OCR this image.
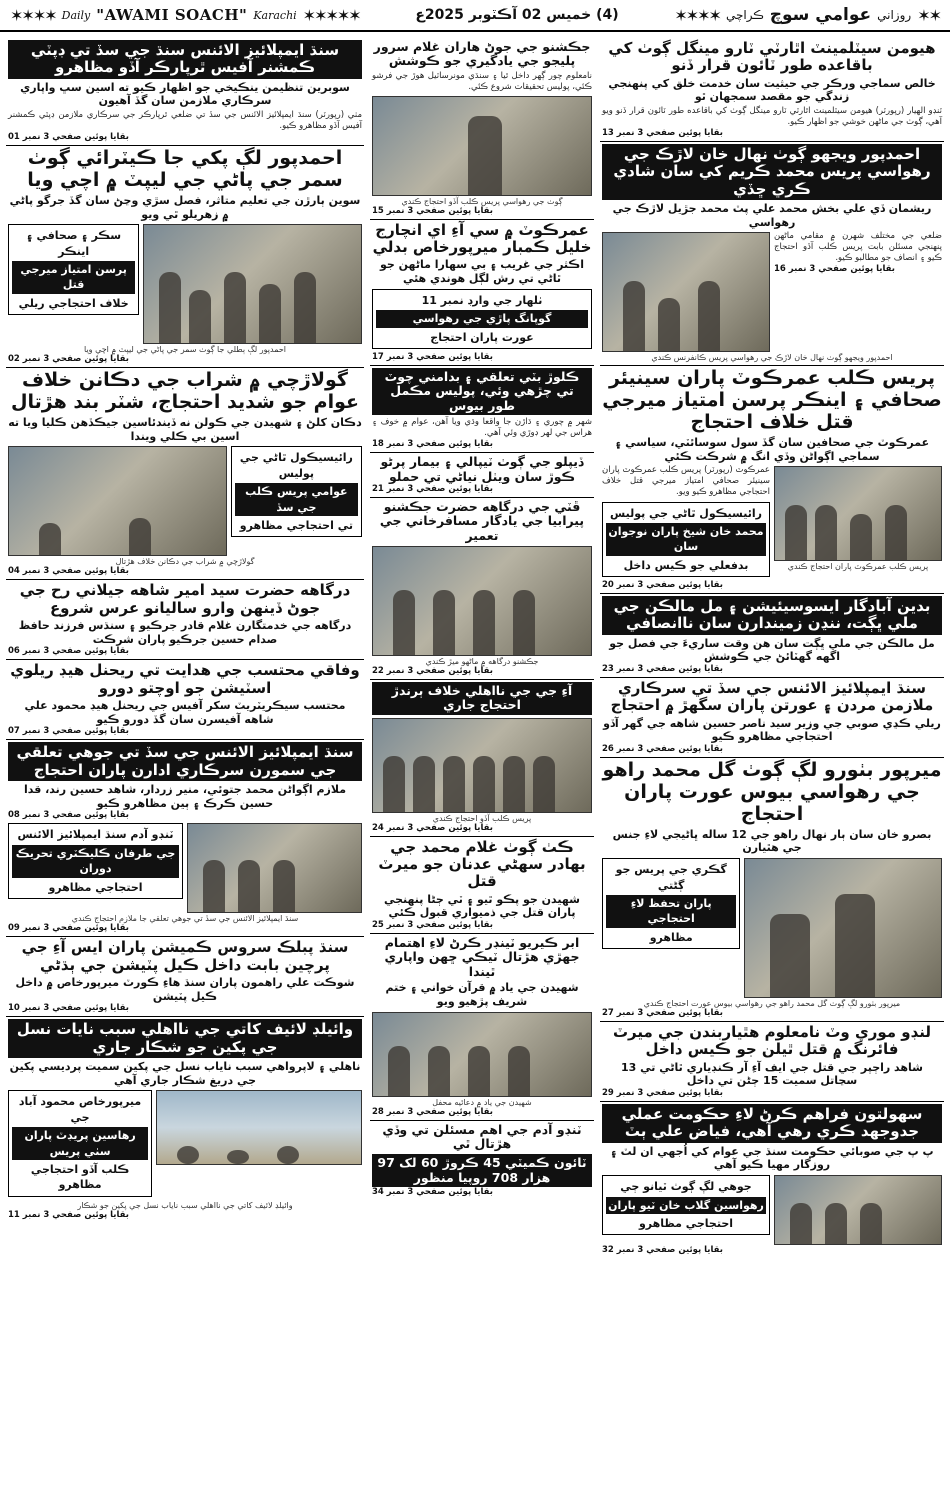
✶✶✶✶ Daily "AWAMI SOACH" Karachi ✶✶✶✶✶	(4) خميس 02 آڪٽوبر 2025ع	✶✶
روزاني
عوامي سوچ
ڪراچي
✶✶✶✶
هيومن سيٽلمينٽ اٿارٽي ٽارو مينگل ڳوٺ کي باقاعده طور ٽائون قرار ڏنو
خالص سماجي ورڪر جي حيثيت سان خدمت خلق کي پنهنجي زندگي جو مقصد سمجهان ٿو
ٽنڊو الهيار (رپورٽر) هيومن سيٽلمينٽ اٿارٽي ٽارو مينگل ڳوٺ کي باقاعده طور ٽائون قرار ڏنو ويو آهي، ڳوٺ جي ماڻهن خوشي جو اظهار ڪيو.
بقايا پوئين صفحي 3 نمبر 13
احمدپور ويجهو ڳوٺ نهال خان لاڙڪ جي رهواسي پريس محمد ڪريم کي سان شادي ڪري ڇڏي
ريشمان ڏي علي بخش محمد علي پٽ محمد جڙيل لاڙڪ جي رهواسي
ضلعي جي مختلف شهرن ۾ مقامي ماڻهن پنهنجي مسئلن بابت پريس ڪلب آڏو احتجاج ڪيو ۽ انصاف جو مطالبو ڪيو.
بقايا پوئين صفحي 3 نمبر 16
احمدپور ويجهو ڳوٺ نهال خان لاڙڪ جي رهواسي پريس ڪانفرنس ڪندي
پريس ڪلب عمرڪوٽ پاران سينيئر صحافي ۽ اينڪر پرسن امتياز ميرجي قتل خلاف احتجاج
عمرڪوٽ جي صحافين سان گڏ سول سوسائٽي، سياسي ۽ سماجي اڳواڻن وڏي انگ ۾ شرڪت ڪئي
پريس ڪلب عمرڪوٽ پاران احتجاج ڪندي
عمرڪوٽ (رپورٽر) پريس ڪلب عمرڪوٽ پاران سينيئر صحافي امتياز ميرجي قتل خلاف احتجاجي مظاهرو ڪيو ويو.
رائيسيڪول ٿاڻي جي پوليس
محمد خان شيخ پاران نوجوان سان
بدفعلي جو ڪيس داخل
بقايا پوئين صفحي 3 نمبر 20
بدين آبادگار ايسوسيئيشن ۽ مل مالڪن جي ملي ڀڳت، ننڍن زميندارن سان ناانصافي
مل مالڪن جي ملي ڀڳت سان هن وقت ساريءَ جي فصل جو اگهه گهٽائڻ جي ڪوشش
بقايا پوئين صفحي 3 نمبر 23
سنڌ ايمپلائيز الائنس جي سڏ تي سرڪاري ملازمن مردن ۽ عورتن پاران سگهڙ ۾ احتجاج
ريلي ڪڍي صوبي جي وزير سيد ناصر حسين شاهه جي گهر آڏو احتجاجي مظاهرو ڪيو
بقايا پوئين صفحي 3 نمبر 26
ميرپور بٺورو لڳ ڳوٺ گل محمد راهو جي رهواسي بيوس عورت پاران احتجاج
بصرو خان سان ٻار نهال راهو جي 12 ساله ڀاڻيجي لاءِ جنس جي هٿيارن
گڪري جي پريس جو ڳڻتي
پاران تحفظ لاءِ احتجاجي
مظاهرو
ميرپور بٺورو لڳ ڳوٺ گل محمد راهو جي رهواسي بيوس عورت احتجاج ڪندي
بقايا پوئين صفحي 3 نمبر 27
لنڊو موري وٽ نامعلوم هٿياربندن جي ميرٽ فائرنگ ۾ قتل ٿيلن جو ڪيس داخل
شاهد راڄپر جي قتل جي ايف آءِ آر ڪنڊياري ٿاڻي تي 13 سڃاتل سميت 15 ڄڻن تي داخل
بقايا پوئين صفحي 3 نمبر 29
سهولتون فراهم ڪرڻ لاءِ حڪومت عملي جدوجهد ڪري رهي آهي، فياض علي ٻٽ
پ پ جي صوبائي حڪومت سنڌ جي عوام کي اُجهي ان لٽ ۽ روزگار مهيا ڪيو آهي
جوهي لڳ ڳوٺ ٽيانو ڄي
رهواسين گلاب خان ٽيو پاران
احتجاجي مظاهرو
بقايا پوئين صفحي 3 نمبر 32
جڪشنو جي جوڻ هاران غلام سرور پليجو جي يادگيري جو ڪوشش
نامعلوم چور ڳهر داخل ٿيا ۽ سنڌي مونرساٽيل هوڙ جي فرشو ڪئي، پوليس تحقيقات شروع ڪئي.
ڳوٺ جي رهواسي پريس ڪلب آڏو احتجاج ڪندي
بقايا پوئين صفحي 3 نمبر 15
عمرڪوٽ ۾ سي آءِ اي انچارج خليل ڪمبار ميرپورخاص بدلي
اڪثر جي غريب ۽ بي سهارا ماڻهن جو ٿاڻي تي رش لڳل هوندي هئي
ٺلهار جي وارڊ نمبر 11
گوپانگ پاڙي جي رهواسي
عورت پاران احتجاج
بقايا پوئين صفحي 3 نمبر 17
ڪلوڙ بٽي تعلقي ۽ بدامني چوٽ تي چڙهي وئي، پوليس مڪمل طور بيوس
شهر ۾ چوري ۽ ڌاڙن جا واقعا وڌي ويا آهن، عوام ۾ خوف ۽ هراس جي لهر ڊوڙي وئي آهي.
بقايا پوئين صفحي 3 نمبر 18
ڏيپلو جي ڳوٺ ٽيپالي ۽ بيمار پرڻو ڪوڙ سان ويٺل نياڻي تي حملو
بقايا پوئين صفحي 3 نمبر 21
ڦٽي جي درگاهه حضرت جڪشنو پيرابيا جي يادگار مسافرخاني جي تعمير
جڪشنو درگاهه ۾ ماڻهو ميڙ ڪندي
بقايا پوئين صفحي 3 نمبر 22
آءِ جي جي نااهلي خلاف ٻرندڙ احتجاج جاري
پريس ڪلب آڏو احتجاج ڪندي
بقايا پوئين صفحي 3 نمبر 24
ڪٺ ڳوٺ غلام محمد جي بهادر سهڻي عدنان جو ميرٽ قتل
شهيدن جو پڪو ٿيو ۽ ٽي ڄڻا پنهنجي پاران قتل جي ذميواري قبول ڪئي
بقايا پوئين صفحي 3 نمبر 25
ابر ڪيريو ٽينڊر ڪرڻ لاءِ اهتمام جهڙي هڙتال ٽيڪي ڇهن واپاري ٿيندا
شهيدن جي ياد ۾ قرآن خواني ۽ ختم شريف پڙهيو ويو
شهيدن جي ياد ۾ دعائيه محفل
بقايا پوئين صفحي 3 نمبر 28
ٽنڊو آدم جي اهم مسئلن تي وڏي هڙتال ٿي
ٽائون ڪميٽي 45 ڪروڙ 60 لک 97 هزار 708 روپيا منظور
بقايا پوئين صفحي 3 نمبر 34
سنڌ ايمپلائيز الائنس سنڌ جي سڏ تي ڊپٽي ڪمشنر آفيس ٿرپارڪر آڏو مظاهرو
سوبرين تنظيمن ينڪيخي جو اظهار ڪيو ته اسين سڀ واپاري سرڪاري ملازمن سان گڏ آهيون
مٺي (رپورٽر) سنڌ ايمپلائيز الائنس جي سڏ تي ضلعي ٿرپارڪر جي سرڪاري ملازمن ڊپٽي ڪمشنر آفيس آڏو مظاهرو ڪيو.
بقايا پوئين صفحي 3 نمبر 01
احمدپور لڳ پکي جا ڪيٽرائي ڳوٺ سمر جي پاڻي جي ليپٽ ۾ اچي ويا
سوين ٻارڙن جي تعليم متاثر، فصل سڙي وڃڻ سان گڏ جرگو پاڻي ۾ زهريلو ٿي ويو
سڪر ۽ صحافي ۽ اينڪر
پرسن امتياز ميرجي قتل
خلاف احتجاجي ريلي
احمدپور لڳ ٻطلي جا ڳوٺ سمر جي پاڻي جي ليپٽ ۾ اچي ويا
بقايا پوئين صفحي 3 نمبر 02
گولاڙچي ۾ شراب جي دڪانن خلاف عوام جو شديد احتجاج، شٽر بند هڙتال
دڪان کلڻ ۽ شهيدن جي ڪولن نه ڏيندئاسين جيڪڏهن ڪليا ويا ته اسين بي ڪلي ويندا
رائيسيڪول ٿاڻي جي پوليس
عوامي پريس ڪلب جي سڏ
تي احتجاجي مظاهرو
گولاڙچي ۾ شراب جي دڪانن خلاف هڙتال
بقايا پوئين صفحي 3 نمبر 04
درگاهه حضرت سيد امير شاهه جيلاني رح جي جوڻ ڏينهن وارو ساليانو عرس شروع
درگاهه جي خدمتگارن غلام قادر جرڪيو ۽ سنڌس فرزند حافظ صدام حسين جرڪيو پاران شرڪت
بقايا پوئين صفحي 3 نمبر 06
وفاقي محتسب جي هدايت تي ريحنل هيڊ ريلوي اسٽيشن جو اوچتو دورو
محتسب سيڪريٽريٽ سکر آفيس جي ريحنل هيڊ محمود علي شاهه آفيسرن سان گڏ دورو ڪيو
بقايا پوئين صفحي 3 نمبر 07
سنڌ ايمپلائيز الائنس جي سڏ تي جوهي تعلقي جي سمورن سرڪاري ادارن پاران احتجاج
ملازم اڳواڻن محمد جتوئي، منير زردار، شاهد حسين رند، قدا حسين ڪرڪ ۽ ٻين مظاهرو ڪيو
بقايا پوئين صفحي 3 نمبر 08
ٽنڊو آدم سنڌ ايمپلائيز الائنس
جي طرفان ڪليڪٽري تحريڪ دوران
احتجاجي مظاهرو
سنڌ ايمپلائيز الائنس جي سڏ تي جوهي تعلقي جا ملازم احتجاج ڪندي
بقايا پوئين صفحي 3 نمبر 09
سنڌ پبلڪ سروس ڪميشن پاران ايس آءِ جي پرچين بابت داخل ڪيل پٽيشن جي ٻڌڻي
شوڪت علي راهمون پاران سنڌ هاءِ ڪورٽ ميرپورخاص ۾ داخل ڪيل پٽيشن
بقايا پوئين صفحي 3 نمبر 10
وائيلڊ لائيف کاتي جي نااهلي سبب نايات نسل جي پکين جو شڪار جاري
ناهلي ۽ لاپرواهي سبب ناياب نسل جي پکين سميت پرديسي پکين جي دريغ شڪار جاري آهي
ميرپورخاص محمود آباد جي
رهاسين پريڊٽ پاران سٺي پريس
ڪلب آڏو احتجاجي مظاهرو
وائيلڊ لائيف کاتي جي نااهلي سبب ناياب نسل جي پکين جو شڪار
بقايا پوئين صفحي 3 نمبر 11
